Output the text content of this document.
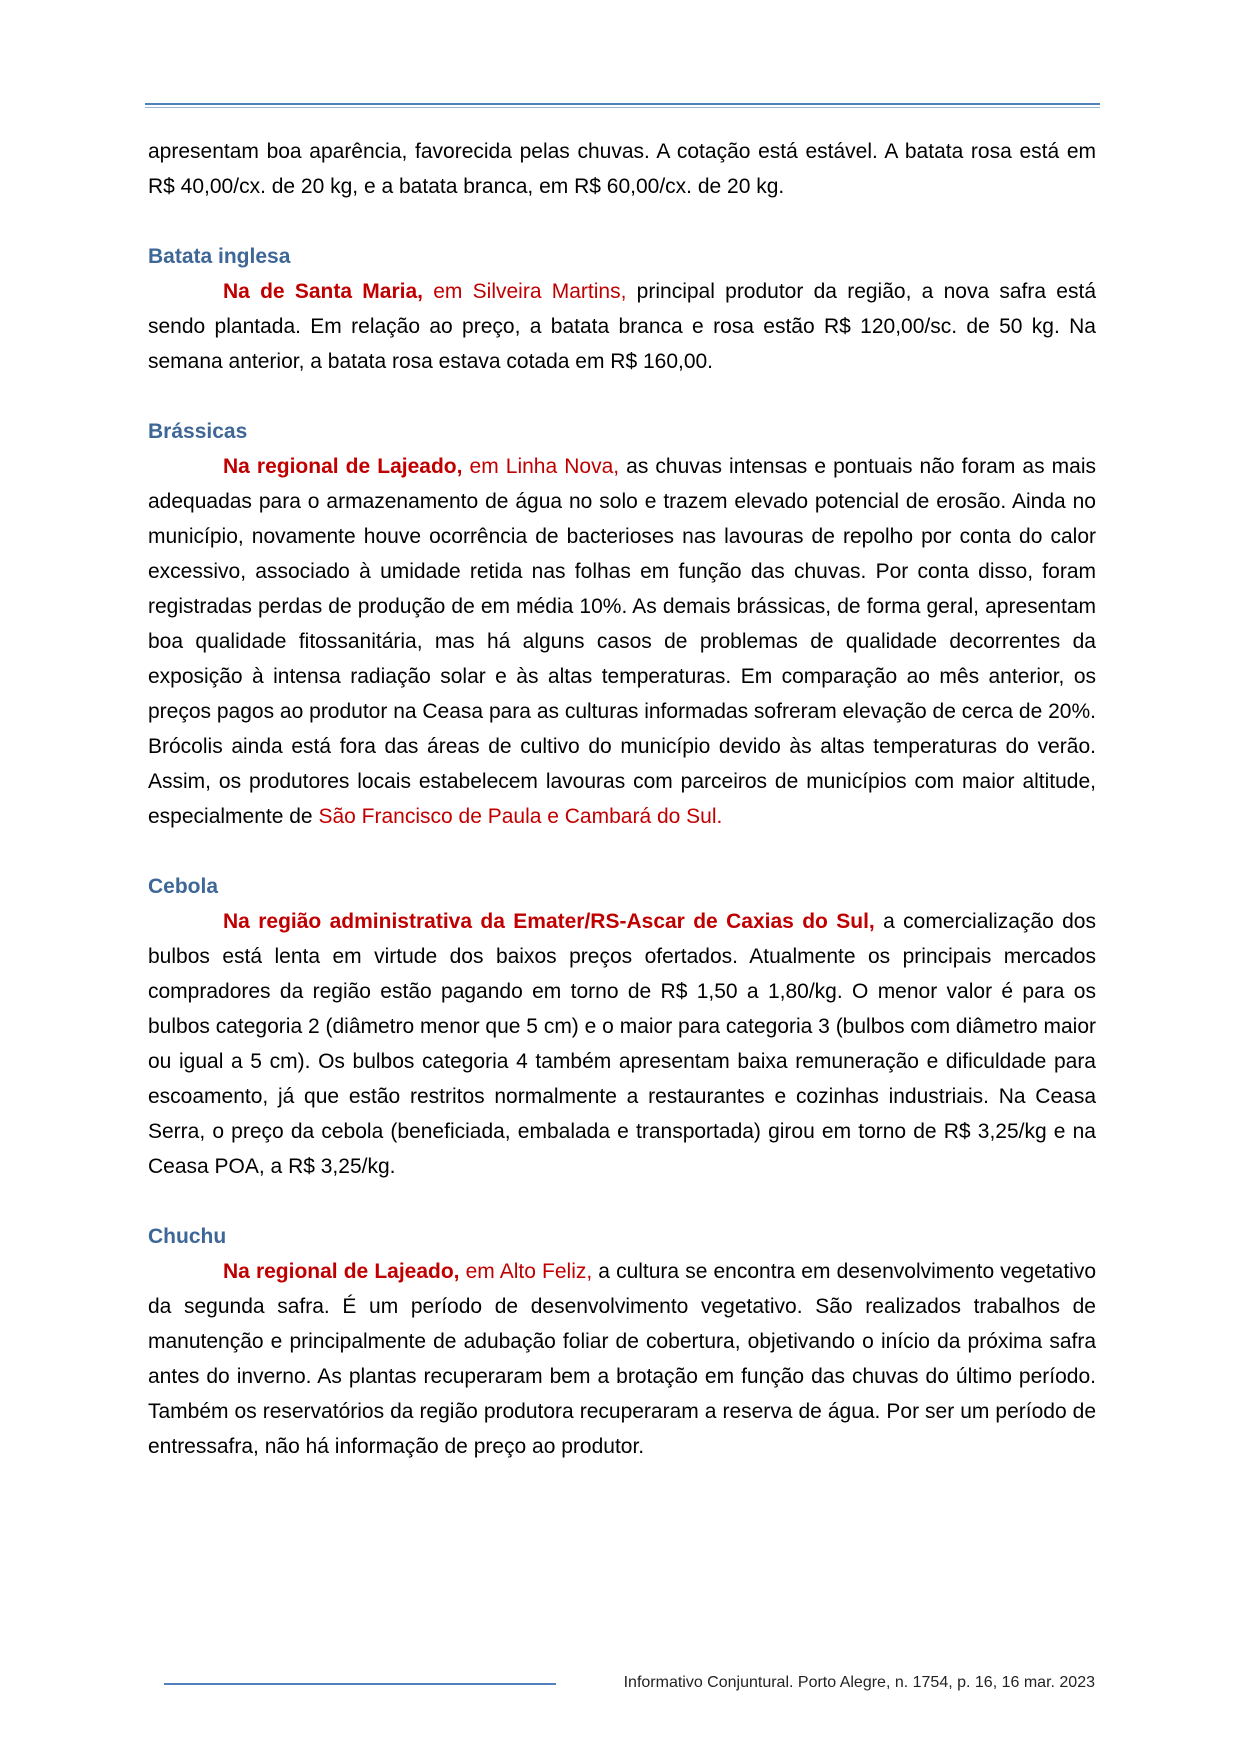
apresentam boa aparência, favorecida pelas chuvas. A cotação está estável. A batata rosa está em R$ 40,00/cx. de 20 kg, e a batata branca, em R$ 60,00/cx. de 20 kg.

Batata inglesa

Na de Santa Maria, em Silveira Martins, principal produtor da região, a nova safra está sendo plantada. Em relação ao preço, a batata branca e rosa estão R$ 120,00/sc. de 50 kg. Na semana anterior, a batata rosa estava cotada em R$ 160,00.

Brássicas

Na regional de Lajeado, em Linha Nova, as chuvas intensas e pontuais não foram as mais adequadas para o armazenamento de água no solo e trazem elevado potencial de erosão. Ainda no município, novamente houve ocorrência de bacterioses nas lavouras de repolho por conta do calor excessivo, associado à umidade retida nas folhas em função das chuvas. Por conta disso, foram registradas perdas de produção de em média 10%. As demais brássicas, de forma geral, apresentam boa qualidade fitossanitária, mas há alguns casos de problemas de qualidade decorrentes da exposição à intensa radiação solar e às altas temperaturas. Em comparação ao mês anterior, os preços pagos ao produtor na Ceasa para as culturas informadas sofreram elevação de cerca de 20%. Brócolis ainda está fora das áreas de cultivo do município devido às altas temperaturas do verão. Assim, os produtores locais estabelecem lavouras com parceiros de municípios com maior altitude, especialmente de São Francisco de Paula e Cambará do Sul.

Cebola

Na região administrativa da Emater/RS-Ascar de Caxias do Sul, a comercialização dos bulbos está lenta em virtude dos baixos preços ofertados. Atualmente os principais mercados compradores da região estão pagando em torno de R$ 1,50 a 1,80/kg. O menor valor é para os bulbos categoria 2 (diâmetro menor que 5 cm) e o maior para categoria 3 (bulbos com diâmetro maior ou igual a 5 cm). Os bulbos categoria 4 também apresentam baixa remuneração e dificuldade para escoamento, já que estão restritos normalmente a restaurantes e cozinhas industriais. Na Ceasa Serra, o preço da cebola (beneficiada, embalada e transportada) girou em torno de R$ 3,25/kg e na Ceasa POA, a R$ 3,25/kg.

Chuchu

Na regional de Lajeado, em Alto Feliz, a cultura se encontra em desenvolvimento vegetativo da segunda safra. É um período de desenvolvimento vegetativo. São realizados trabalhos de manutenção e principalmente de adubação foliar de cobertura, objetivando o início da próxima safra antes do inverno. As plantas recuperaram bem a brotação em função das chuvas do último período. Também os reservatórios da região produtora recuperaram a reserva de água. Por ser um período de entressafra, não há informação de preço ao produtor.

Informativo Conjuntural. Porto Alegre, n. 1754, p. 16, 16 mar. 2023
